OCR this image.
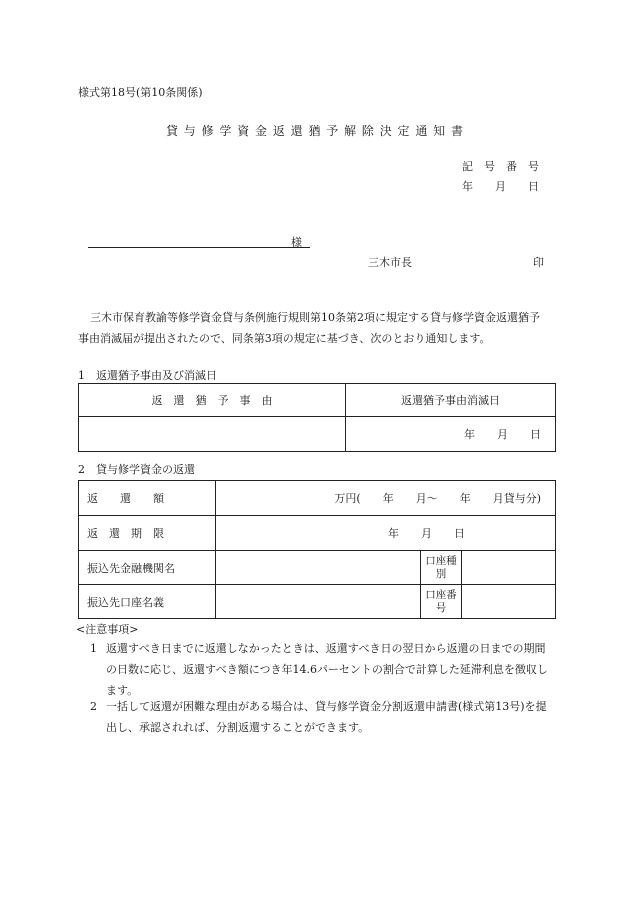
様式第18号(第10条関係)
貸 与 修 学 資 金 返 還 猶 予 解 除 決 定 通 知 書
記　号　番　号
年　　月　　日
様
三木市長	印
三木市保育教諭等修学資金貸与条例施行規則第10条第2項に規定する貸与修学資金返還猶予事由消滅届が提出されたので、同条第3項の規定に基づき、次のとおり通知します。
1　返還猶予事由及び消滅日
返　還　猶　予　事　由	返還猶予事由消滅日
	年　　月　　日
2　貸与修学資金の返還
返　　還　　額	万円(　　年　　月～　　年　　月貸与分)		
返　還　期　限	年　　月　　日		
振込先金融機関名		口座種別	
振込先口座名義		口座番号	
<注意事項>
1 返還すべき日までに返還しなかったときは、返還すべき日の翌日から返還の日までの期間の日数に応じ、返還すべき額につき年14.6パーセントの割合で計算した延滞利息を徴収します。
2 一括して返還が困難な理由がある場合は、貸与修学資金分割返還申請書(様式第13号)を提出し、承認されれば、分割返還することができます。
